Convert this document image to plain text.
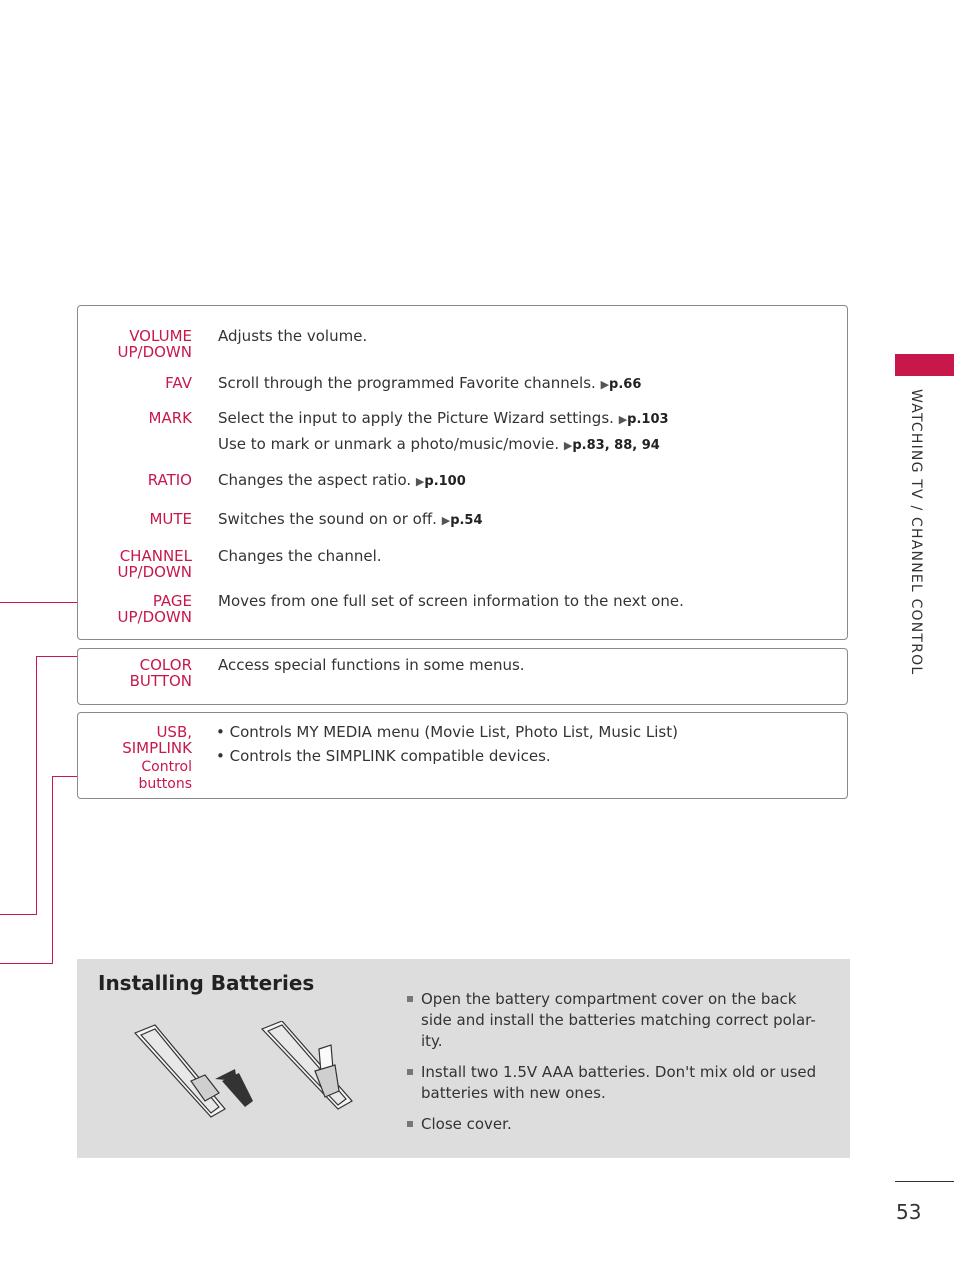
VOLUME
UP/DOWN
Adjusts the volume.
FAV Scroll through the programmed Favorite channels. ▶p.66
MARK Select the input to apply the Picture Wizard settings. ▶p.103
Use to mark or unmark a photo/music/movie. ▶p.83, 88, 94
RATIO Changes the aspect ratio. ▶p.100
MUTE Switches the sound on or off. ▶p.54
CHANNEL
UP/DOWN
Changes the channel.
PAGE
UP/DOWN
Moves from one full set of screen information to the next one.
COLOR
BUTTON
Access special functions in some menus.
USB,
SIMPLINK
Control
buttons
• Controls MY MEDIA menu (Movie List, Photo List, Music List)
• Controls the SIMPLINK compatible devices.
WATCHING TV / CHANNEL CONTROL
Installing Batteries
Open the battery compartment cover on the back side and install the batteries matching correct polar-ity.
Install two 1.5V AAA batteries. Don't mix old or used batteries with new ones.
Close cover.
53
